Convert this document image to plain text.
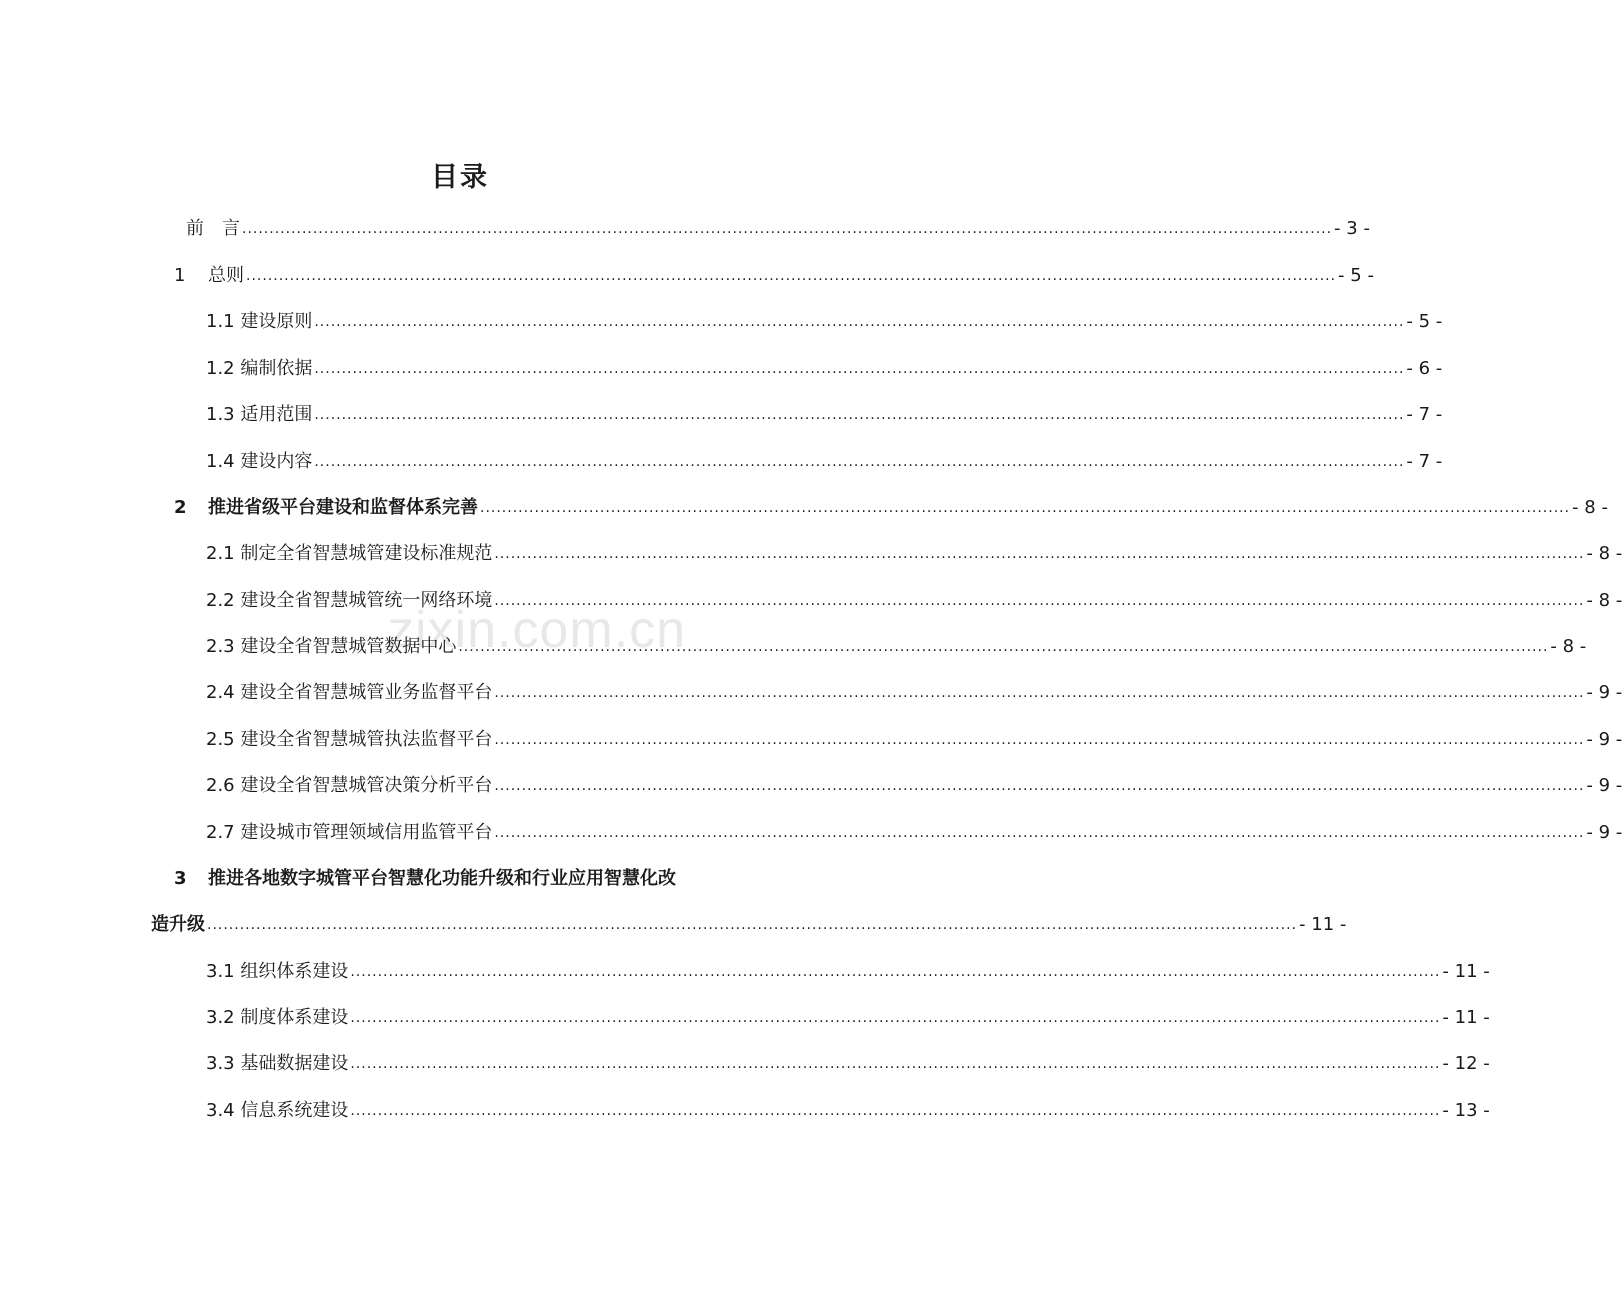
目录
zixin.com.cn
前　言 ........................................................................................................................................................................................................ - 3 -
1 总则 ........................................................................................................................................................................................................ - 5 -
1.1 建设原则 ........................................................................................................................................................................................................ - 5 -
1.2 编制依据 ........................................................................................................................................................................................................ - 6 -
1.3 适用范围 ........................................................................................................................................................................................................ - 7 -
1.4 建设内容 ........................................................................................................................................................................................................ - 7 -
2 推进省级平台建设和监督体系完善 ........................................................................................................................................................................................................ - 8 -
2.1 制定全省智慧城管建设标准规范 ........................................................................................................................................................................................................ - 8 -
2.2 建设全省智慧城管统一网络环境 ........................................................................................................................................................................................................ - 8 -
2.3 建设全省智慧城管数据中心 ........................................................................................................................................................................................................ - 8 -
2.4 建设全省智慧城管业务监督平台 ........................................................................................................................................................................................................ - 9 -
2.5 建设全省智慧城管执法监督平台 ........................................................................................................................................................................................................ - 9 -
2.6 建设全省智慧城管决策分析平台 ........................................................................................................................................................................................................ - 9 -
2.7 建设城市管理领域信用监管平台 ........................................................................................................................................................................................................ - 9 -
3 推进各地数字城管平台智慧化功能升级和行业应用智慧化改
造升级 ........................................................................................................................................................................................................ - 11 -
3.1 组织体系建设 ........................................................................................................................................................................................................ - 11 -
3.2 制度体系建设 ........................................................................................................................................................................................................ - 11 -
3.3 基础数据建设 ........................................................................................................................................................................................................ - 12 -
3.4 信息系统建设 ........................................................................................................................................................................................................ - 13 -
